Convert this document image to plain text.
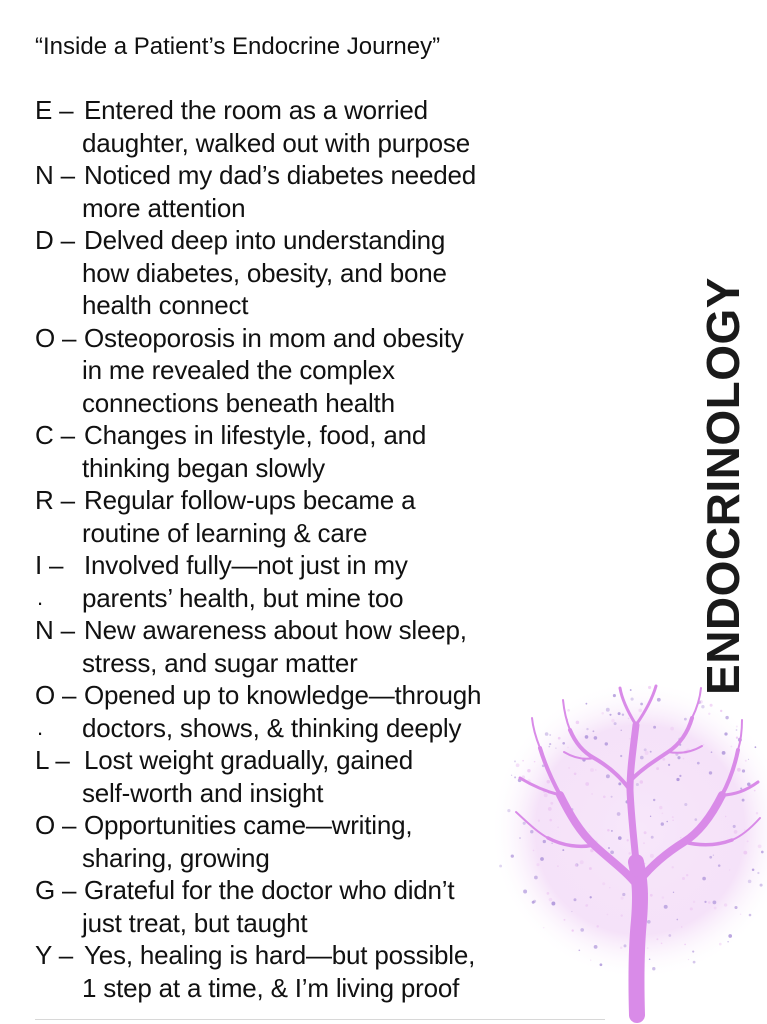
“Inside a Patient’s Endocrine Journey”
E – Entered the room as a worried
daughter, walked out with purpose
N – Noticed my dad’s diabetes needed
more attention
D – Delved deep into understanding
how diabetes, obesity, and bone
health connect
O – Osteoporosis in mom and obesity
in me revealed the complex
connections beneath health
C – Changes in lifestyle, food, and
thinking began slowly
R – Regular follow-ups became a
routine of learning & care
I –
.
Involved fully—not just in my
parents’ health, but mine too
N – New awareness about how sleep,
stress, and sugar matter
O –
.
Opened up to knowledge—through
doctors, shows, & thinking deeply
L – Lost weight gradually, gained
self-worth and insight
O – Opportunities came—writing,
sharing, growing
G – Grateful for the doctor who didn’t
just treat, but taught
Y – Yes, healing is hard—but possible,
1 step at a time, & I’m living proof
ENDOCRINOLOGY
